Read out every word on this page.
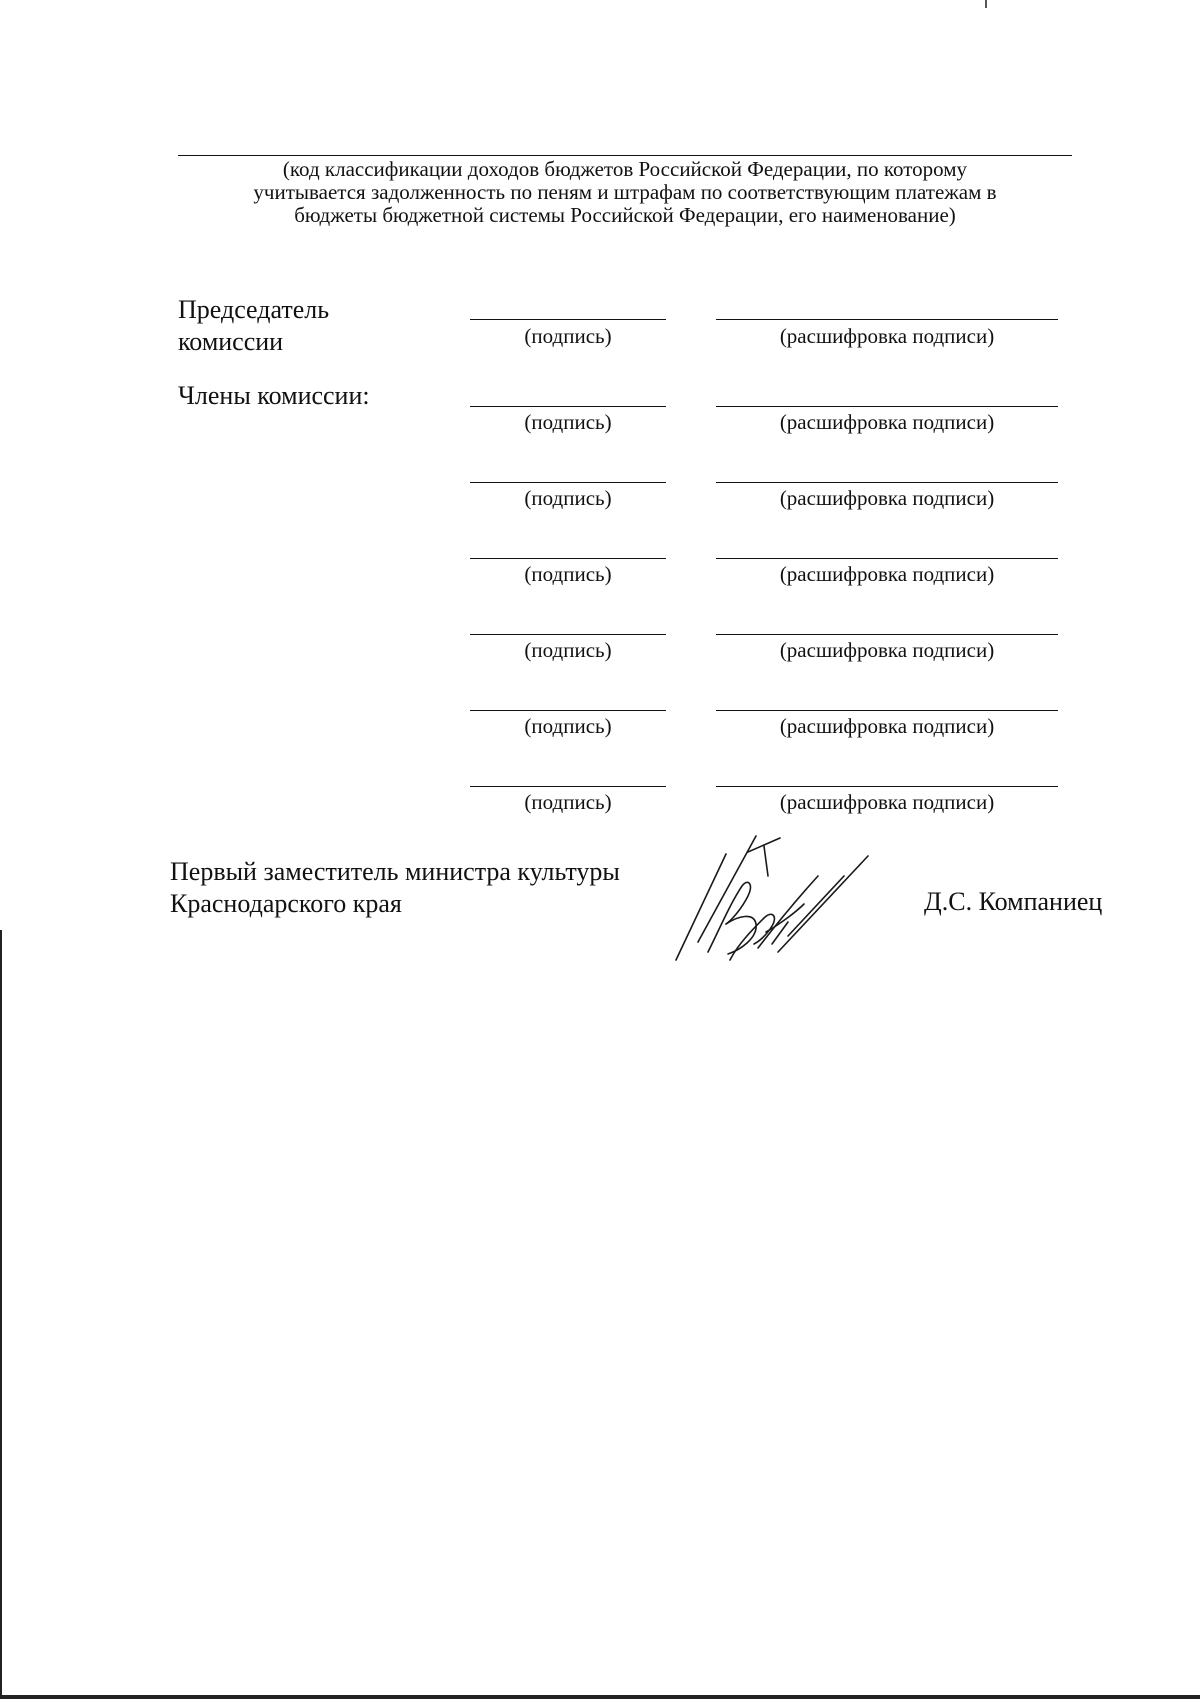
(код классификации доходов бюджетов Российской Федерации, по которому
учитывается задолженность по пеням и штрафам по соответствующим платежам в
бюджеты бюджетной системы Российской Федерации, его наименование)
Председатель
комиссии	(подпись)	(расшифровка подписи)
Члены комиссии:
(подпись)	(расшифровка подписи)
(подпись)	(расшифровка подписи)
(подпись)	(расшифровка подписи)
(подпись)	(расшифровка подписи)
(подпись)	(расшифровка подписи)
(подпись)	(расшифровка подписи)
Первый заместитель министра культуры
Краснодарского края	Д.С. Компаниец
